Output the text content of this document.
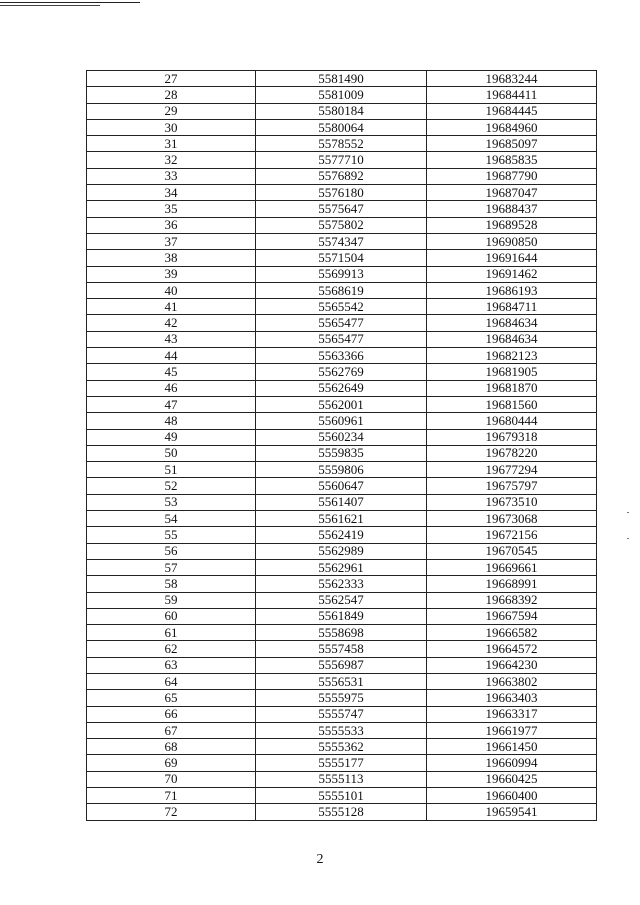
27	5581490	19683244
28	5581009	19684411
29	5580184	19684445
30	5580064	19684960
31	5578552	19685097
32	5577710	19685835
33	5576892	19687790
34	5576180	19687047
35	5575647	19688437
36	5575802	19689528
37	5574347	19690850
38	5571504	19691644
39	5569913	19691462
40	5568619	19686193
41	5565542	19684711
42	5565477	19684634
43	5565477	19684634
44	5563366	19682123
45	5562769	19681905
46	5562649	19681870
47	5562001	19681560
48	5560961	19680444
49	5560234	19679318
50	5559835	19678220
51	5559806	19677294
52	5560647	19675797
53	5561407	19673510
54	5561621	19673068
55	5562419	19672156
56	5562989	19670545
57	5562961	19669661
58	5562333	19668991
59	5562547	19668392
60	5561849	19667594
61	5558698	19666582
62	5557458	19664572
63	5556987	19664230
64	5556531	19663802
65	5555975	19663403
66	5555747	19663317
67	5555533	19661977
68	5555362	19661450
69	5555177	19660994
70	5555113	19660425
71	5555101	19660400
72	5555128	19659541
2
